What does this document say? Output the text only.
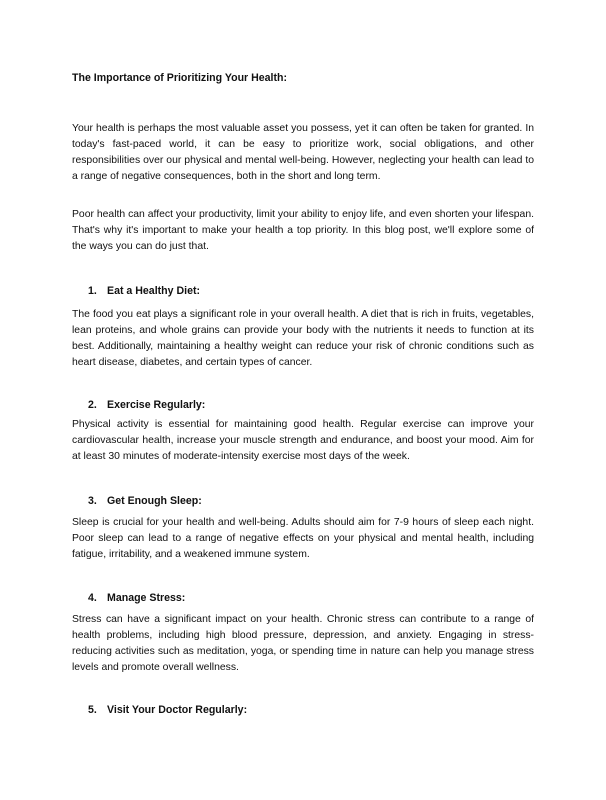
The Importance of Prioritizing Your Health:

Your health is perhaps the most valuable asset you possess, yet it can often be taken for granted. In today's fast-paced world, it can be easy to prioritize work, social obligations, and other responsibilities over our physical and mental well-being. However, neglecting your health can lead to a range of negative consequences, both in the short and long term.

Poor health can affect your productivity, limit your ability to enjoy life, and even shorten your lifespan. That's why it's important to make your health a top priority. In this blog post, we'll explore some of the ways you can do just that.

1. Eat a Healthy Diet:

The food you eat plays a significant role in your overall health. A diet that is rich in fruits, vegetables, lean proteins, and whole grains can provide your body with the nutrients it needs to function at its best. Additionally, maintaining a healthy weight can reduce your risk of chronic conditions such as heart disease, diabetes, and certain types of cancer.

2. Exercise Regularly:

Physical activity is essential for maintaining good health. Regular exercise can improve your cardiovascular health, increase your muscle strength and endurance, and boost your mood. Aim for at least 30 minutes of moderate-intensity exercise most days of the week.

3. Get Enough Sleep:

Sleep is crucial for your health and well-being. Adults should aim for 7-9 hours of sleep each night. Poor sleep can lead to a range of negative effects on your physical and mental health, including fatigue, irritability, and a weakened immune system.

4. Manage Stress:

Stress can have a significant impact on your health. Chronic stress can contribute to a range of health problems, including high blood pressure, depression, and anxiety. Engaging in stress-reducing activities such as meditation, yoga, or spending time in nature can help you manage stress levels and promote overall wellness.

5. Visit Your Doctor Regularly:
